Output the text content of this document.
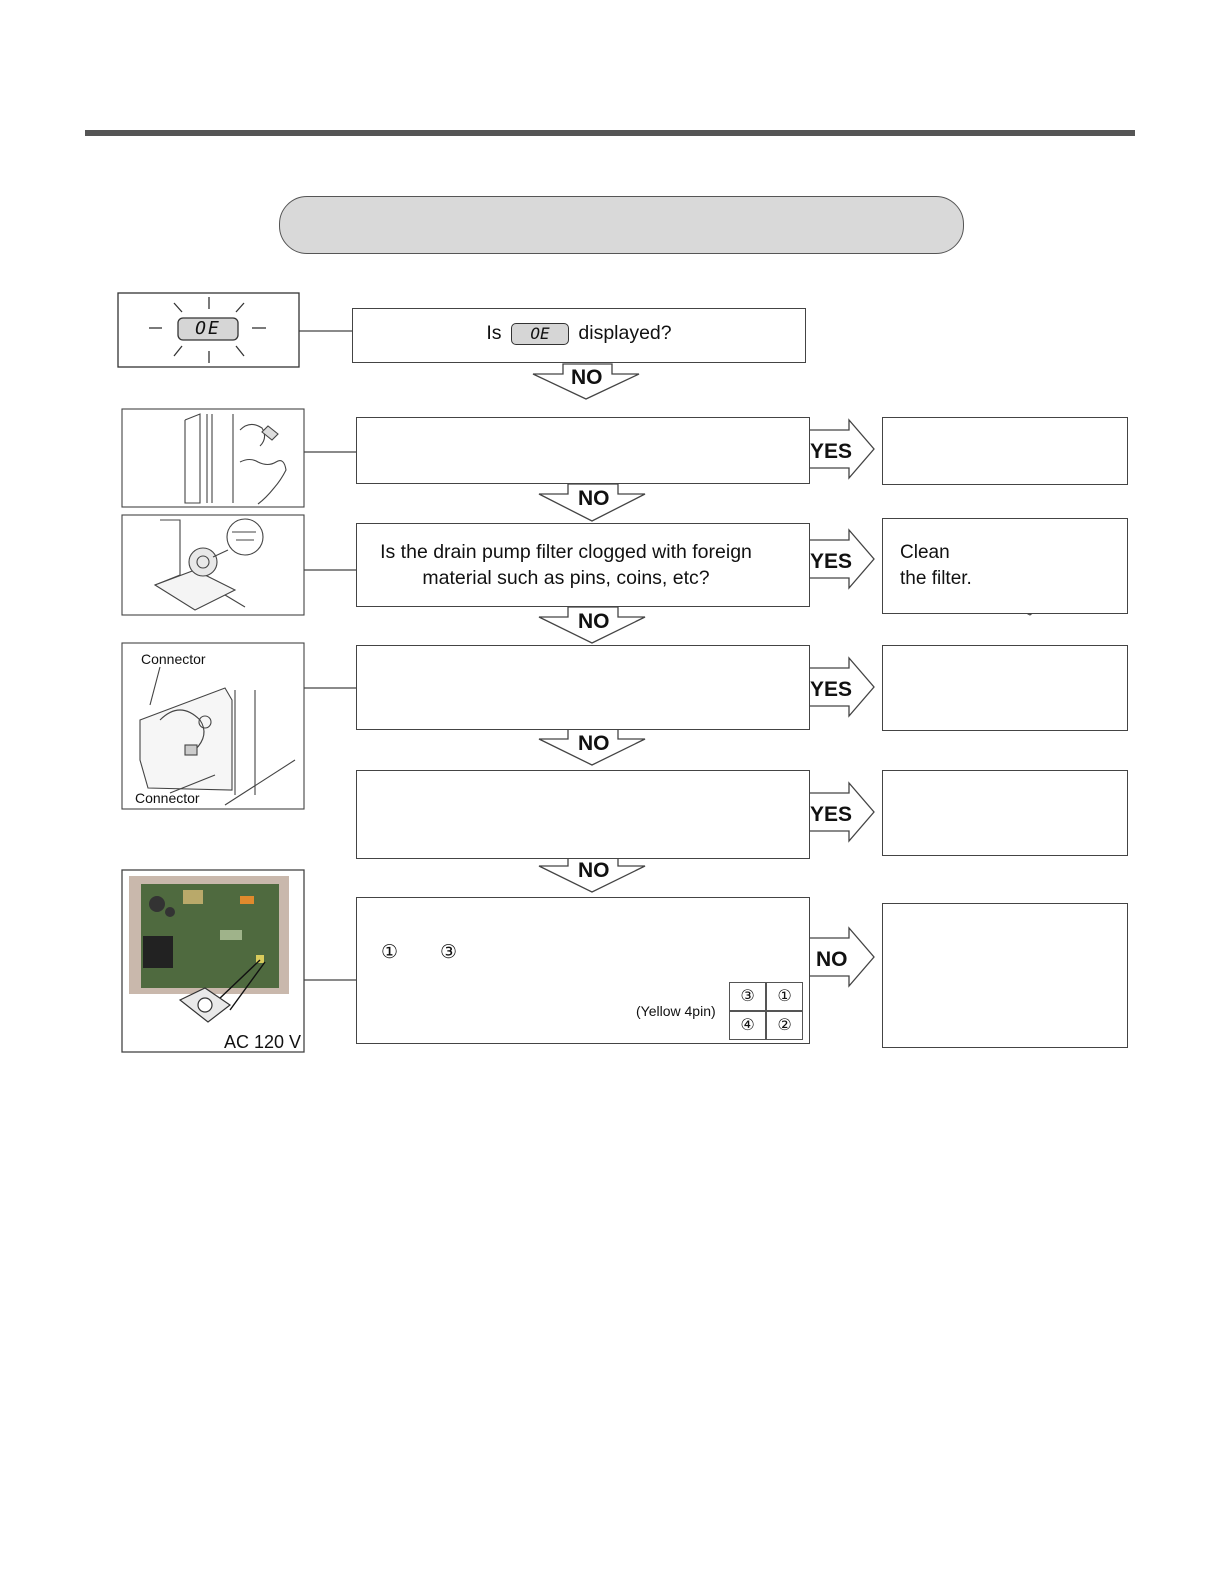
OE	Is OE displayed?
Is the drain pump filter clogged with foreign
material such as pins, coins, etc?
① ③
(Yellow 4pin)
③	①
④	②
Clean
the filter.
Connector
Connector
AC 120 V
NO
NO
NO
NO
NO
YES
YES
YES
YES
NO
